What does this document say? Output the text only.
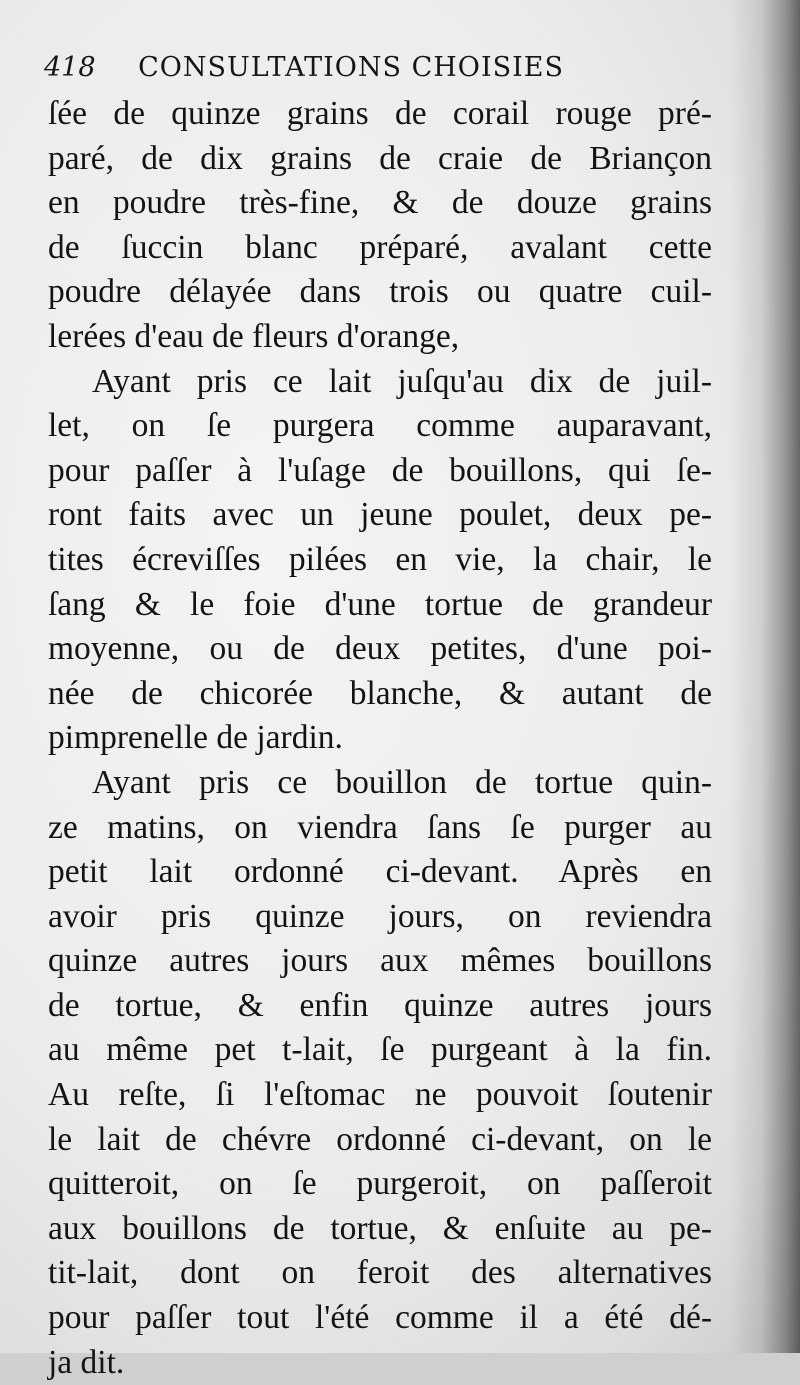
418 CONSULTATIONS CHOISIES
ſée de quinze grains de corail rouge pré-
paré, de dix grains de craie de Briançon
en poudre très-fine, & de douze grains
de ſuccin blanc préparé, avalant cette
poudre délayée dans trois ou quatre cuil-
lerées d'eau de fleurs d'orange,
Ayant pris ce lait juſqu'au dix de juil-
let, on ſe purgera comme auparavant,
pour paſſer à l'uſage de bouillons, qui ſe-
ront faits avec un jeune poulet, deux pe-
tites écreviſſes pilées en vie, la chair, le
ſang & le foie d'une tortue de grandeur
moyenne, ou de deux petites, d'une poi-
née de chicorée blanche, & autant de
pimprenelle de jardin.
Ayant pris ce bouillon de tortue quin-
ze matins, on viendra ſans ſe purger au
petit lait ordonné ci-devant. Après en
avoir pris quinze jours, on reviendra
quinze autres jours aux mêmes bouillons
de tortue, & enfin quinze autres jours
au même pet t-lait, ſe purgeant à la fin.
Au reſte, ſi l'eſtomac ne pouvoit ſoutenir
le lait de chévre ordonné ci-devant, on le
quitteroit, on ſe purgeroit, on paſſeroit
aux bouillons de tortue, & enſuite au pe-
tit-lait, dont on feroit des alternatives
pour paſſer tout l'été comme il a été dé-
ja dit.
